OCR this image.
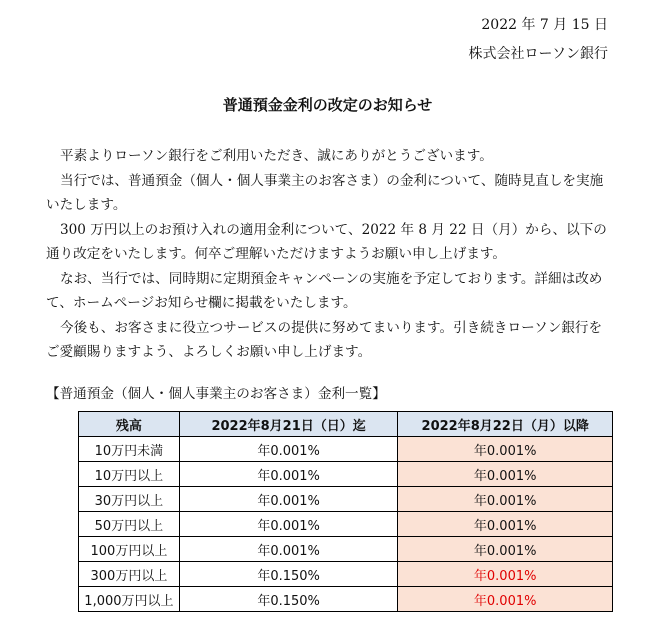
2022 年 7 月 15 日
株式会社ローソン銀行
普通預金金利の改定のお知らせ

平素よりローソン銀行をご利用いただき、誠にありがとうございます。

当行では、普通預金（個人・個人事業主のお客さま）の金利について、随時見直しを実施いたします。

300 万円以上のお預け入れの適用金利について、2022 年 8 月 22 日（月）から、以下の通り改定をいたします。何卒ご理解いただけますようお願い申し上げます。

なお、当行では、同時期に定期預金キャンペーンの実施を予定しております。詳細は改めて、ホームページお知らせ欄に掲載をいたします。

今後も、お客さまに役立つサービスの提供に努めてまいります。引き続きローソン銀行をご愛顧賜りますよう、よろしくお願い申し上げます。

【普通預金（個人・個人事業主のお客さま）金利一覧】
残高	2022年8月21日（日）迄	2022年8月22日（月）以降
10万円未満	年0.001%	年0.001%
10万円以上	年0.001%	年0.001%
30万円以上	年0.001%	年0.001%
50万円以上	年0.001%	年0.001%
100万円以上	年0.001%	年0.001%
300万円以上	年0.150%	年0.001%
1,000万円以上	年0.150%	年0.001%
